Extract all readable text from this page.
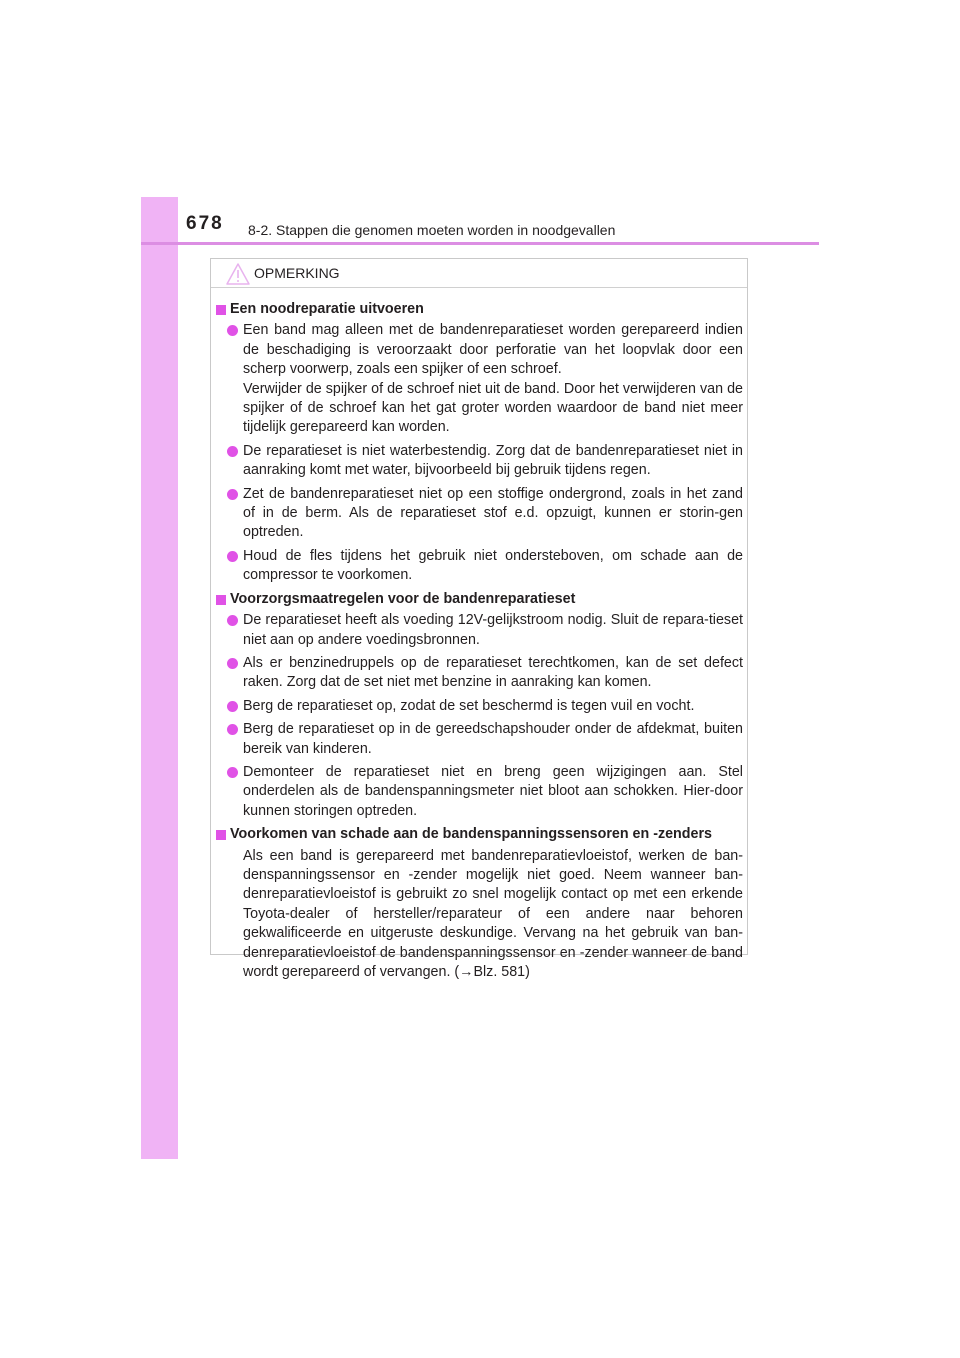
678 8-2. Stappen die genomen moeten worden in noodgevallen
OPMERKING
Een noodreparatie uitvoeren
Een band mag alleen met de bandenreparatieset worden gerepareerd indien de beschadiging is veroorzaakt door perforatie van het loopvlak door een scherp voorwerp, zoals een spijker of een schroef.
Verwijder de spijker of de schroef niet uit de band. Door het verwijderen van de spijker of de schroef kan het gat groter worden waardoor de band niet meer tijdelijk gerepareerd kan worden.
De reparatieset is niet waterbestendig. Zorg dat de bandenreparatieset niet in aanraking komt met water, bijvoorbeeld bij gebruik tijdens regen.
Zet de bandenreparatieset niet op een stoffige ondergrond, zoals in het zand of in de berm. Als de reparatieset stof e.d. opzuigt, kunnen er storin-gen optreden.
Houd de fles tijdens het gebruik niet ondersteboven, om schade aan de compressor te voorkomen.
Voorzorgsmaatregelen voor de bandenreparatieset
De reparatieset heeft als voeding 12V-gelijkstroom nodig. Sluit de repara-tieset niet aan op andere voedingsbronnen.
Als er benzinedruppels op de reparatieset terechtkomen, kan de set defect raken. Zorg dat de set niet met benzine in aanraking kan komen.
Berg de reparatieset op, zodat de set beschermd is tegen vuil en vocht.
Berg de reparatieset op in de gereedschapshouder onder de afdekmat, buiten bereik van kinderen.
Demonteer de reparatieset niet en breng geen wijzigingen aan. Stel onderdelen als de bandenspanningsmeter niet bloot aan schokken. Hier-door kunnen storingen optreden.
Voorkomen van schade aan de bandenspanningssensoren en -zenders
Als een band is gerepareerd met bandenreparatievloeistof, werken de ban-denspanningssensor en -zender mogelijk niet goed. Neem wanneer ban-denreparatievloeistof is gebruikt zo snel mogelijk contact op met een erkende Toyota-dealer of hersteller/reparateur of een andere naar behoren gekwalificeerde en uitgeruste deskundige. Vervang na het gebruik van ban-denreparatievloeistof de bandenspanningssensor en -zender wanneer de band wordt gerepareerd of vervangen. (→Blz. 581)
